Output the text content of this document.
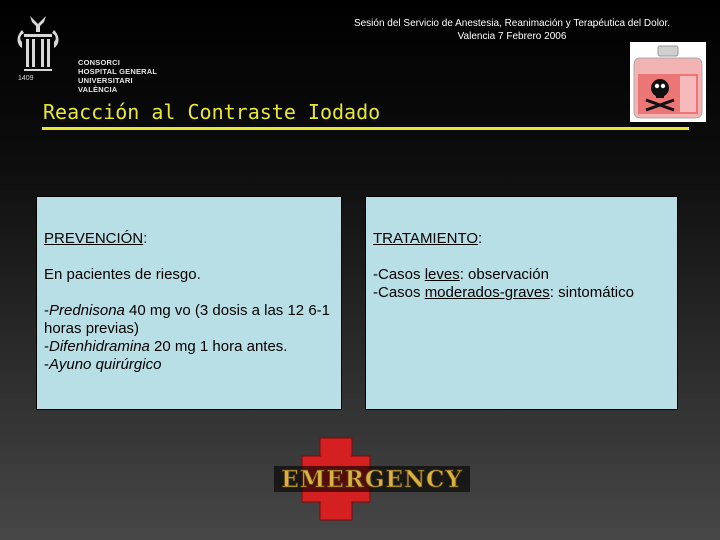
1409
CONSORCI
HOSPITAL GENERAL
UNIVERSITARI
VALÈNCIA
Sesión del Servicio de Anestesia, Reanimación y Terapéutica del Dolor.
Valencia 7 Febrero 2006
Reacción al Contraste Iodado

PREVENCIÓN:

En pacientes de riesgo.

-Prednisona 40 mg vo (3 dosis a las 12 6-1 horas previas)

-Difenhidramina 20 mg 1 hora antes.

-Ayuno quirúrgico

TRATAMIENTO:

-Casos leves: observación

-Casos moderados-graves: sintomático

EMERGENCY
